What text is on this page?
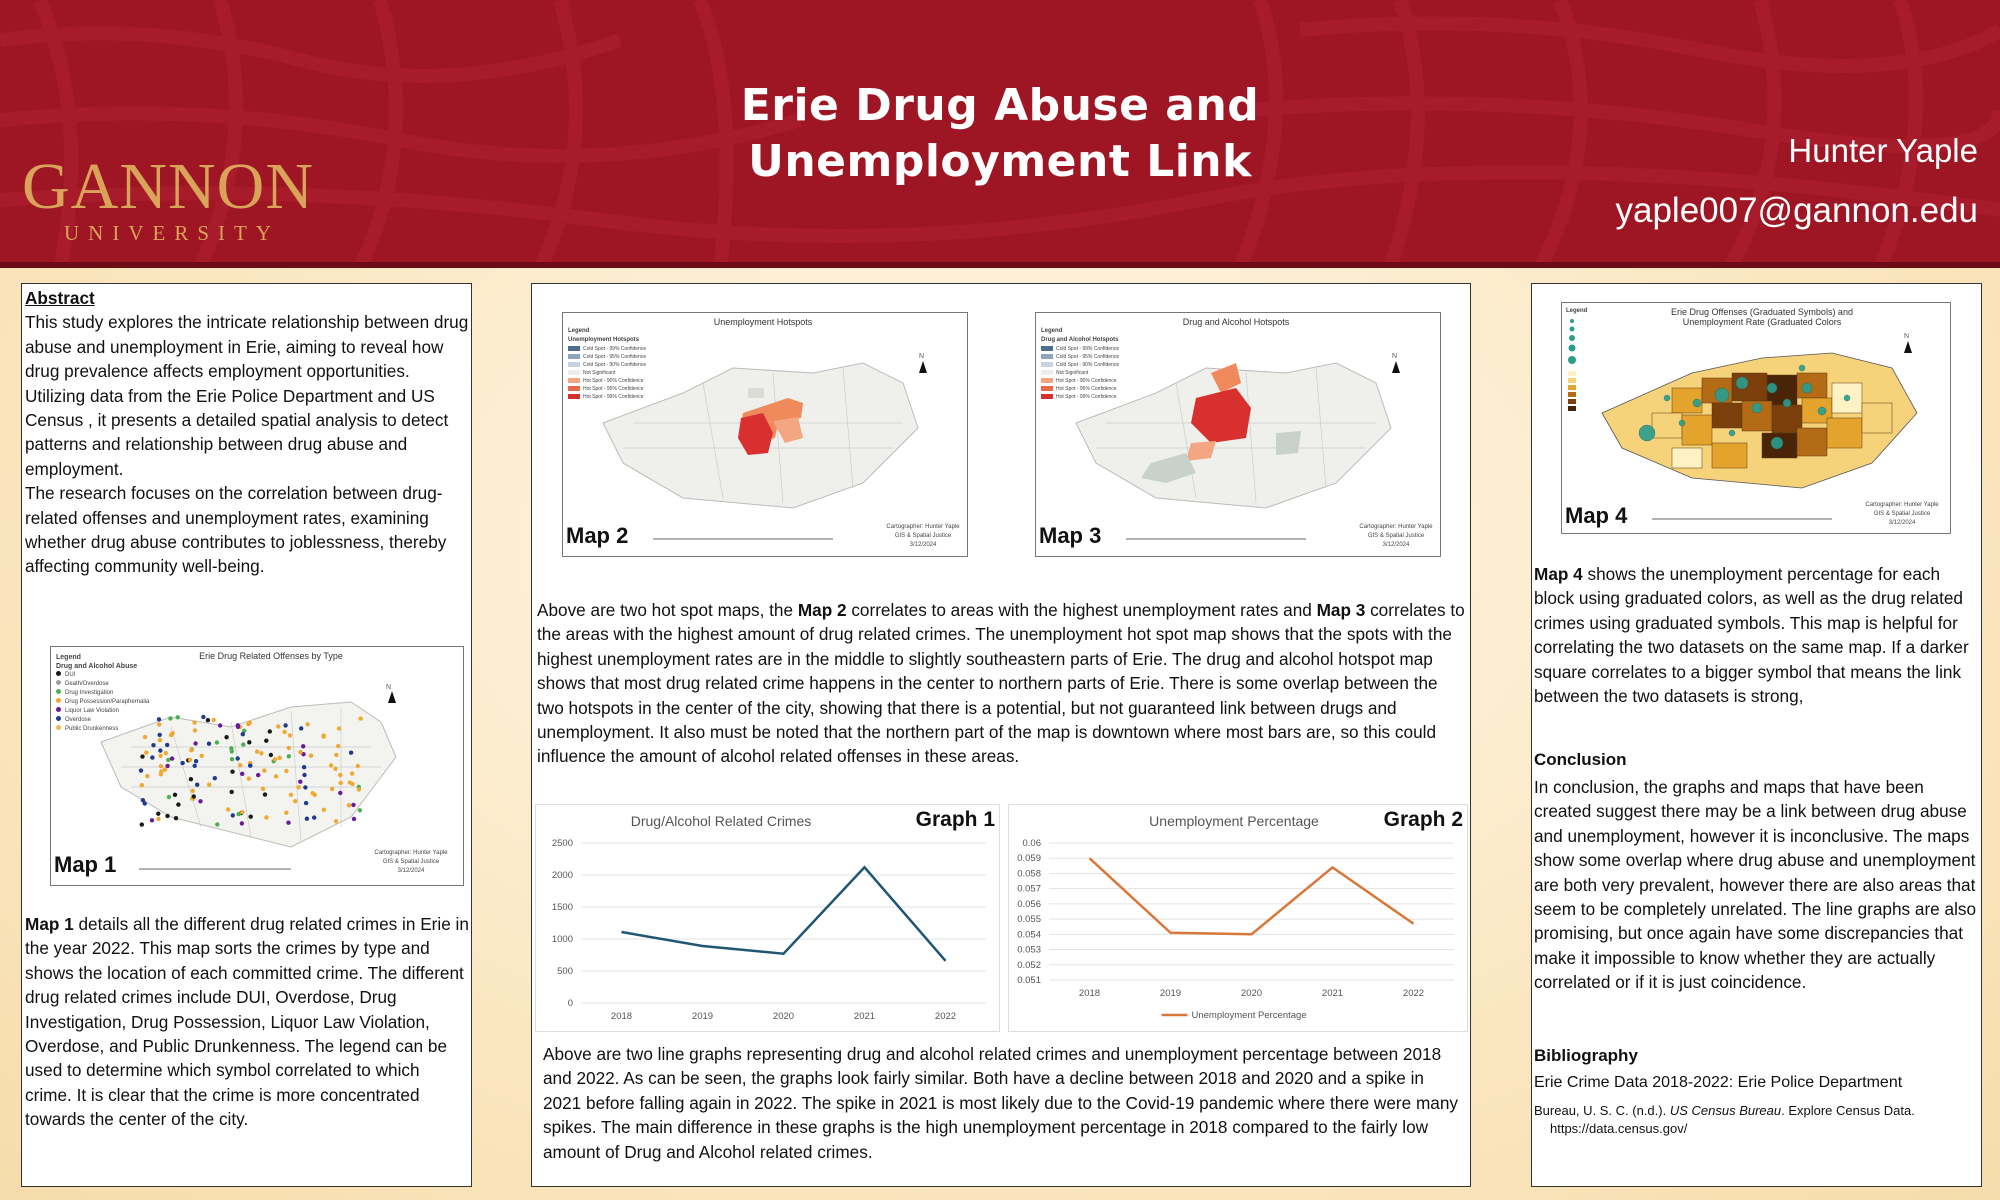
Erie Drug Abuse and
Unemployment Link
GANNON
UNIVERSITY
Hunter Yaple
yaple007@gannon.edu
Abstract
This study explores the intricate relationship between drug abuse and unemployment in Erie, aiming to reveal how drug prevalence affects employment opportunities. Utilizing data from the Erie Police Department and US Census , it presents a detailed spatial analysis to detect patterns and relationship between drug abuse and employment.
The research focuses on the correlation between drug-related offenses and unemployment rates, examining whether drug abuse contributes to joblessness, thereby affecting community well-being.
Erie Drug Related Offenses by Type
Legend
Drug and Alcohol Abuse
DUI
Death/Overdose
Drug Investigation
Drug Possession/Paraphernalia
Liquor Law Violation
Overdose
Public Drunkenness
N
Map 1	Cartographer: Hunter Yaple GIS & Spatial Justice 3/12/2024
Map 1 details all the different drug related crimes in Erie in the year 2022. This map sorts the crimes by type and shows the location of each committed crime. The different drug related crimes include DUI, Overdose, Drug Investigation, Drug Possession, Liquor Law Violation, Overdose, and Public Drunkenness. The legend can be used to determine which symbol correlated to which crime. It is clear that the crime is more concentrated towards the center of the city.
Unemployment Hotspots
Legend
Unemployment Hotspots
Cold Spot - 99% Confidence
Cold Spot - 95% Confidence
Cold Spot - 90% Confidence
Not Significant
Hot Spot - 90% Confidence
Hot Spot - 95% Confidence
Hot Spot - 99% Confidence
N
Map 2	Cartographer: Hunter Yaple GIS & Spatial Justice 3/12/2024
Drug and Alcohol Hotspots
Legend
Drug and Alcohol Hotspots
Cold Spot - 99% Confidence
Cold Spot - 95% Confidence
Cold Spot - 90% Confidence
Not Significant
Hot Spot - 90% Confidence
Hot Spot - 95% Confidence
Hot Spot - 99% Confidence
N
Map 3	Cartographer: Hunter Yaple GIS & Spatial Justice 3/12/2024
Above are two hot spot maps, the Map 2 correlates to areas with the highest unemployment rates and Map 3 correlates to the areas with the highest amount of drug related crimes. The unemployment hot spot map shows that the spots with the highest unemployment rates are in the middle to slightly southeastern parts of Erie. The drug and alcohol hotspot map shows that most drug related crime happens in the center to northern parts of Erie. There is some overlap between the two hotspots in the center of the city, showing that there is a potential, but not guaranteed link between drugs and unemployment. It also must be noted that the northern part of the map is downtown where most bars are, so this could influence the amount of alcohol related offenses in these areas.
Drug/Alcohol Related Crimes	Graph 1
0
500
1000
1500
2000
2500
2018	2019	2020	2021	2022
Unemployment Percentage	Graph 2
0.051
0.052
0.053
0.054
0.055
0.056
0.057
0.058
0.059
0.06
2018	2019	2020	2021	2022
Unemployment Percentage
Above are two line graphs representing drug and alcohol related crimes and unemployment percentage between 2018 and 2022. As can be seen, the graphs look fairly similar. Both have a decline between 2018 and 2020 and a spike in 2021 before falling again in 2022. The spike in 2021 is most likely due to the Covid-19 pandemic where there were many spikes. The main difference in these graphs is the high unemployment percentage in 2018 compared to the fairly low amount of Drug and Alcohol related crimes.
Erie Drug Offenses (Graduated Symbols) and Unemployment Rate (Graduated Colors
Legend
N
Map 4	Cartographer: Hunter Yaple GIS & Spatial Justice 3/12/2024
Map 4 shows the unemployment percentage for each block using graduated colors, as well as the drug related crimes using graduated symbols. This map is helpful for correlating the two datasets on the same map. If a darker square correlates to a bigger symbol that means the link between the two datasets is strong,
Conclusion
In conclusion, the graphs and maps that have been created suggest there may be a link between drug abuse and unemployment, however it is inconclusive. The maps show some overlap where drug abuse and unemployment are both very prevalent, however there are also areas that seem to be completely unrelated. The line graphs are also promising, but once again have some discrepancies that make it impossible to know whether they are actually correlated or if it is just coincidence.
Bibliography
Erie Crime Data 2018-2022: Erie Police Department
Bureau, U. S. C. (n.d.). US Census Bureau. Explore Census Data.
https://data.census.gov/
